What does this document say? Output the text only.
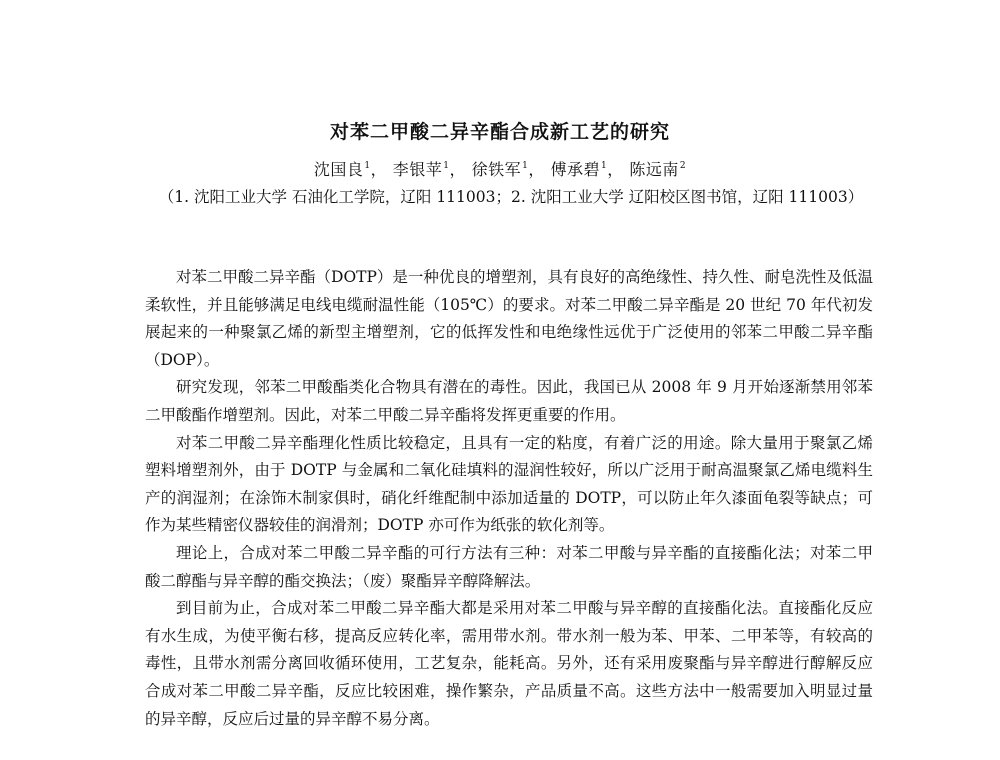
对苯二甲酸二异辛酯合成新工艺的研究
沈国良$^1$， 李银苹$^1$， 徐铁军$^1$， 傅承碧$^1$， 陈远南$^2$
（1. 沈阳工业大学 石油化工学院，辽阳 111003；2. 沈阳工业大学 辽阳校区图书馆，辽阳 111003）

对苯二甲酸二异辛酯（DOTP）是一种优良的增塑剂，具有良好的高绝缘性、持久性、耐皂洗性及低温柔软性，并且能够满足电线电缆耐温性能（105℃）的要求。对苯二甲酸二异辛酯是 20 世纪 70 年代初发展起来的一种聚氯乙烯的新型主增塑剂，它的低挥发性和电绝缘性远优于广泛使用的邻苯二甲酸二异辛酯（DOP）。

研究发现，邻苯二甲酸酯类化合物具有潜在的毒性。因此，我国已从 2008 年 9 月开始逐渐禁用邻苯二甲酸酯作增塑剂。因此，对苯二甲酸二异辛酯将发挥更重要的作用。

对苯二甲酸二异辛酯理化性质比较稳定，且具有一定的粘度，有着广泛的用途。除大量用于聚氯乙烯塑料增塑剂外，由于 DOTP 与金属和二氧化硅填料的湿润性较好，所以广泛用于耐高温聚氯乙烯电缆料生产的润湿剂；在涂饰木制家俱时，硝化纤维配制中添加适量的 DOTP，可以防止年久漆面龟裂等缺点；可作为某些精密仪器较佳的润滑剂；DOTP 亦可作为纸张的软化剂等。

理论上，合成对苯二甲酸二异辛酯的可行方法有三种：对苯二甲酸与异辛酯的直接酯化法；对苯二甲酸二醇酯与异辛醇的酯交换法；（废）聚酯异辛醇降解法。

到目前为止，合成对苯二甲酸二异辛酯大都是采用对苯二甲酸与异辛醇的直接酯化法。直接酯化反应有水生成，为使平衡右移，提高反应转化率，需用带水剂。带水剂一般为苯、甲苯、二甲苯等，有较高的毒性，且带水剂需分离回收循环使用，工艺复杂，能耗高。另外，还有采用废聚酯与异辛醇进行醇解反应合成对苯二甲酸二异辛酯，反应比较困难，操作繁杂，产品质量不高。这些方法中一般需要加入明显过量的异辛醇，反应后过量的异辛醇不易分离。
